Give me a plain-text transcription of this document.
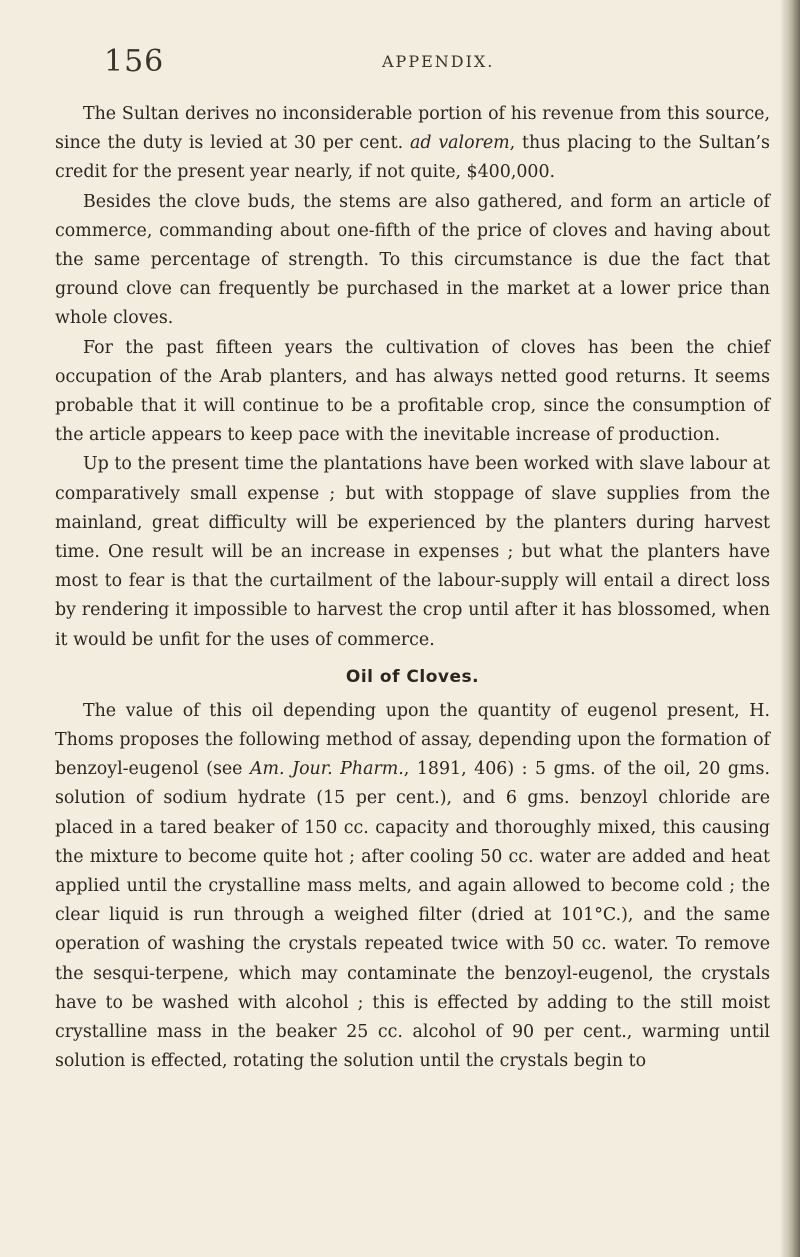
156	APPENDIX.

The Sultan derives no inconsiderable portion of his revenue from this source, since the duty is levied at 30 per cent. ad valorem, thus placing to the Sultan’s credit for the present year nearly, if not quite, $400,000.

Besides the clove buds, the stems are also gathered, and form an article of commerce, commanding about one-fifth of the price of cloves and having about the same percentage of strength. To this circumstance is due the fact that ground clove can frequently be purchased in the market at a lower price than whole cloves.

For the past fifteen years the cultivation of cloves has been the chief occupation of the Arab planters, and has always netted good returns. It seems probable that it will continue to be a profitable crop, since the consumption of the article appears to keep pace with the inevitable increase of production.

Up to the present time the plantations have been worked with slave labour at comparatively small expense ; but with stoppage of slave supplies from the mainland, great difficulty will be experienced by the planters during harvest time. One result will be an increase in expenses ; but what the planters have most to fear is that the curtailment of the labour-supply will entail a direct loss by rendering it impossible to harvest the crop until after it has blossomed, when it would be unfit for the uses of commerce.

Oil of Cloves.

The value of this oil depending upon the quantity of eugenol present, H. Thoms proposes the following method of assay, depending upon the formation of benzoyl-eugenol (see Am. Jour. Pharm., 1891, 406) : 5 gms. of the oil, 20 gms. solution of sodium hydrate (15 per cent.), and 6 gms. benzoyl chloride are placed in a tared beaker of 150 cc. capacity and thoroughly mixed, this causing the mixture to become quite hot ; after cooling 50 cc. water are added and heat applied until the crystalline mass melts, and again allowed to become cold ; the clear liquid is run through a weighed filter (dried at 101°C.), and the same operation of washing the crystals repeated twice with 50 cc. water. To remove the sesqui-terpene, which may contaminate the benzoyl-eugenol, the crystals have to be washed with alcohol ; this is effected by adding to the still moist crystalline mass in the beaker 25 cc. alcohol of 90 per cent., warming until solution is effected, rotating the solution until the crystals begin to
